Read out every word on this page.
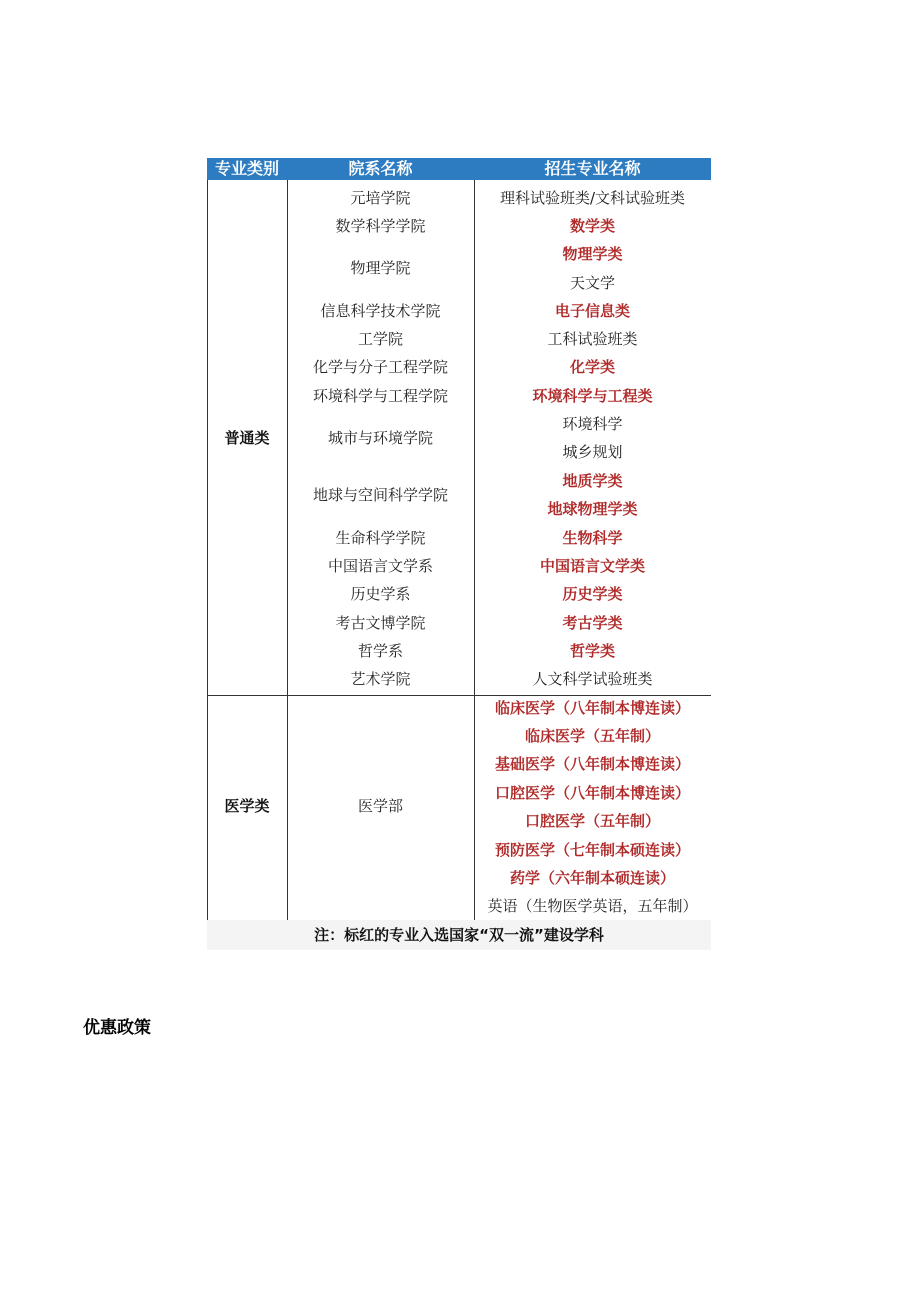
专业类别	院系名称	招生专业名称
普通类
医学类
元培学院
数学科学学院
物理学院
信息科学技术学院
工学院
化学与分子工程学院
环境科学与工程学院
城市与环境学院
地球与空间科学学院
生命科学学院
中国语言文学系
历史学系
考古文博学院
哲学系
艺术学院
医学部
理科试验班类/文科试验班类
数学类
物理学类
天文学
电子信息类
工科试验班类
化学类
环境科学与工程类
环境科学
城乡规划
地质学类
地球物理学类
生物科学
中国语言文学类
历史学类
考古学类
哲学类
人文科学试验班类
临床医学（八年制本博连读）
临床医学（五年制）
基础医学（八年制本博连读）
口腔医学（八年制本博连读）
口腔医学（五年制）
预防医学（七年制本硕连读）
药学（六年制本硕连读）
英语（生物医学英语，五年制）
注：标红的专业入选国家“双一流”建设学科
优惠政策
